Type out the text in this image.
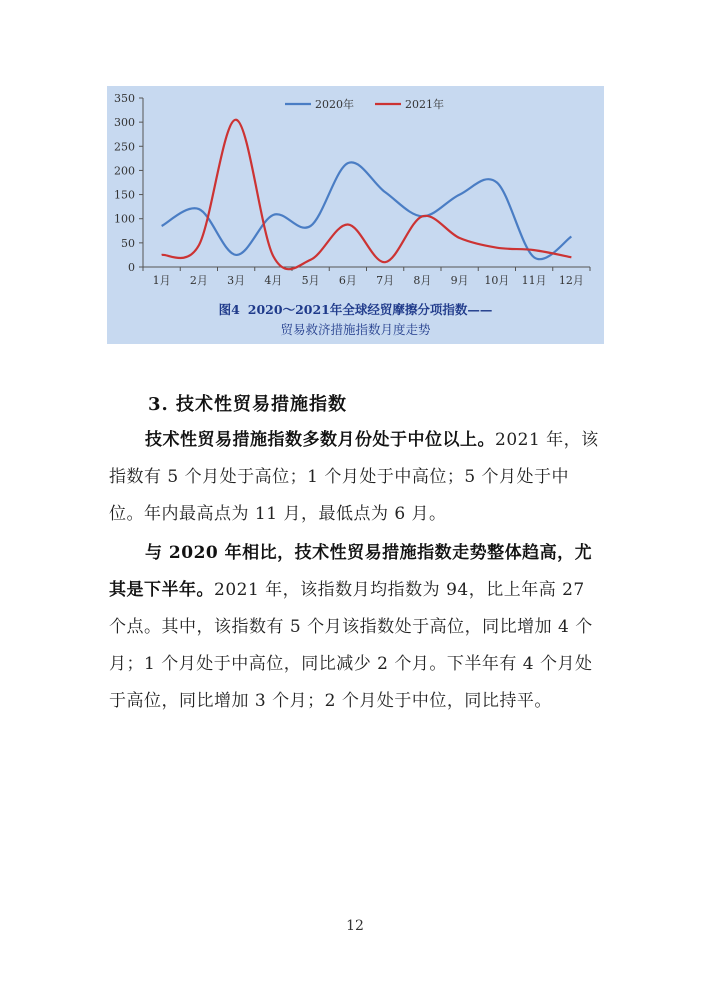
0
50
100
150
200
250
300
350
1月 2月 3月 4月 5月 6月 7月 8月 9月 10月 11月 12月
2020年	2021年
图4 2020～2021年全球经贸摩擦分项指数——
贸易救济措施指数月度走势
3. 技术性贸易措施指数
技术性贸易措施指数多数月份处于中位以上。2021 年，该指数有 5 个月处于高位；1 个月处于中高位；5 个月处于中位。年内最高点为 11 月，最低点为 6 月。
与 2020 年相比，技术性贸易措施指数走势整体趋高，尤其是下半年。2021 年，该指数月均指数为 94，比上年高 27 个点。其中，该指数有 5 个月该指数处于高位，同比增加 4 个月；1 个月处于中高位，同比减少 2 个月。下半年有 4 个月处于高位，同比增加 3 个月；2 个月处于中位，同比持平。
12
